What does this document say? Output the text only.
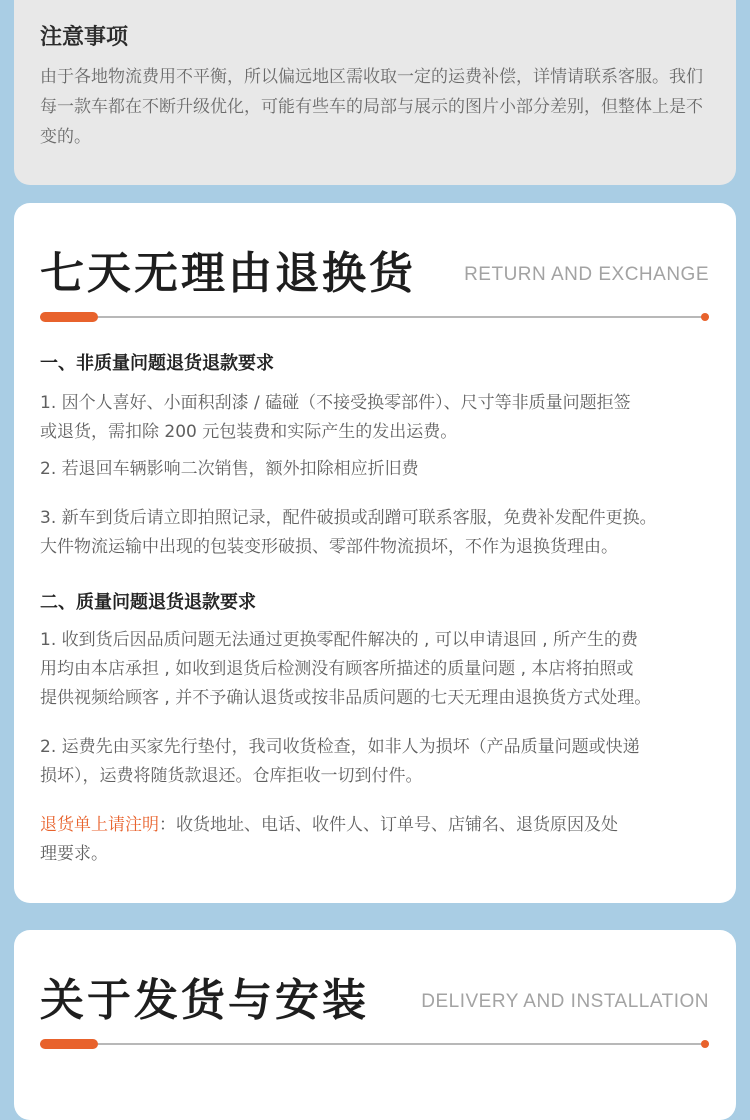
注意事项

由于各地物流费用不平衡，所以偏远地区需收取一定的运费补偿，详情请联系客服。我们每一款车都在不断升级优化，可能有些车的局部与展示的图片小部分差别，但整体上是不变的。

七天无理由退换货	RETURN AND EXCHANGE

一、非质量问题退货退款要求

1. 因个人喜好、小面积刮漆 / 磕碰（不接受换零部件）、尺寸等非质量问题拒签
或退货，需扣除 200 元包装费和实际产生的发出运费。

2. 若退回车辆影响二次销售，额外扣除相应折旧费

3. 新车到货后请立即拍照记录，配件破损或刮蹭可联系客服，免费补发配件更换。
大件物流运输中出现的包装变形破损、零部件物流损坏，不作为退换货理由。

二、质量问题退货退款要求

1. 收到货后因品质问题无法通过更换零配件解决的 , 可以申请退回 , 所产生的费
用均由本店承担 , 如收到退货后检测没有顾客所描述的质量问题 , 本店将拍照或
提供视频给顾客 , 并不予确认退货或按非品质问题的七天无理由退换货方式处理。

2. 运费先由买家先行垫付，我司收货检查，如非人为损坏（产品质量问题或快递
损坏），运费将随货款退还。仓库拒收一切到付件。

退货单上请注明：收货地址、电话、收件人、订单号、店铺名、退货原因及处
理要求。

关于发货与安装	DELIVERY AND INSTALLATION
